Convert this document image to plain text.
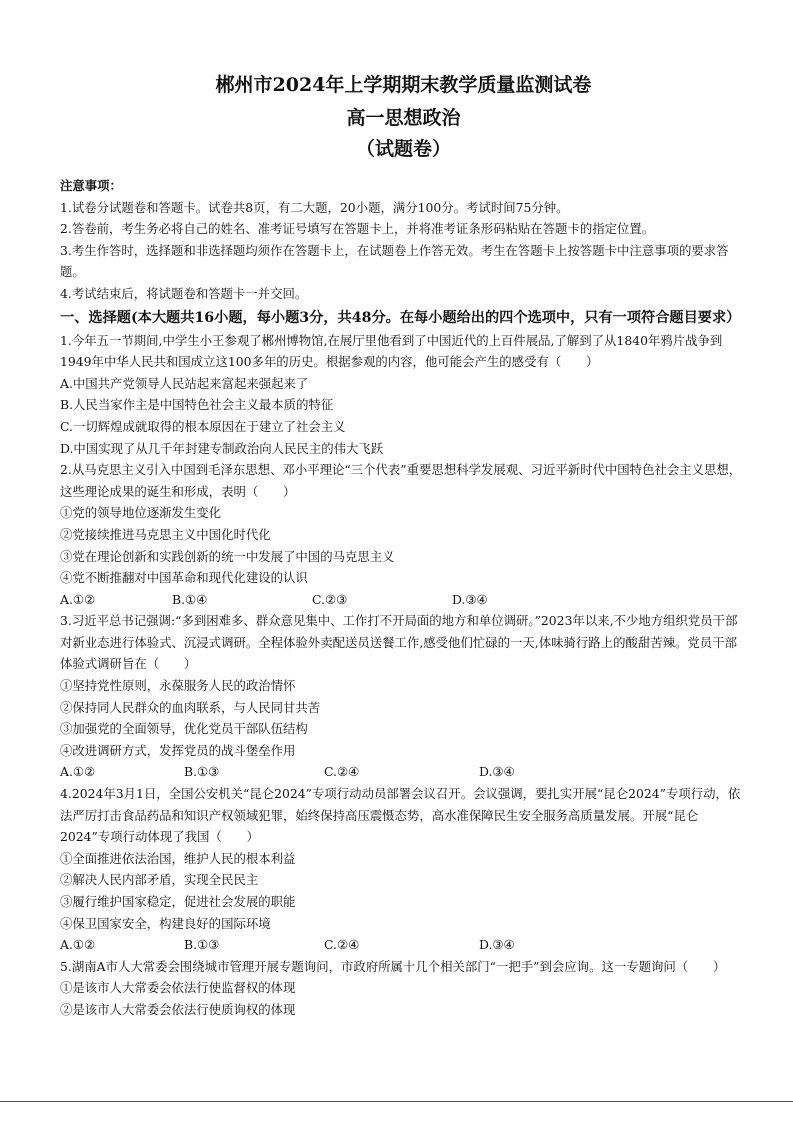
郴州市2024年上学期期末教学质量监测试卷
高一思想政治
（试题卷）
注意事项：
1.试卷分试题卷和答题卡。试卷共8页，有二大题，20小题，满分100分。考试时间75分钟。
2.答卷前，考生务必将自己的姓名、准考证号填写在答题卡上，并将准考证条形码粘贴在答题卡的指定位置。
3.考生作答时，选择题和非选择题均须作在答题卡上，在试题卷上作答无效。考生在答题卡上按答题卡中注意事项的要求答题。
4.考试结束后，将试题卷和答题卡一并交回。
一、选择题(本大题共16小题，每小题3分，共48分。在每小题给出的四个选项中，只有一项符合题目要求）
1.今年五一节期间,中学生小王参观了郴州博物馆,在展厅里他看到了中国近代的上百件展品,了解到了从1840年鸦片战争到1949年中华人民共和国成立这100多年的历史。根据参观的内容，他可能会产生的感受有（　　）
A.中国共产党领导人民站起来富起来强起来了
B.人民当家作主是中国特色社会主义最本质的特征
C.一切辉煌成就取得的根本原因在于建立了社会主义
D.中国实现了从几千年封建专制政治向人民民主的伟大飞跃
2.从马克思主义引入中国到毛泽东思想、邓小平理论“三个代表”重要思想科学发展观、习近平新时代中国特色社会主义思想，这些理论成果的诞生和形成，表明（　　）
①党的领导地位逐渐发生变化
②党接续推进马克思主义中国化时代化
③党在理论创新和实践创新的统一中发展了中国的马克思主义
④党不断推翻对中国革命和现代化建设的认识
A.①②	B.①④	C.②③	D.③④
3.习近平总书记强调:“多到困难多、群众意见集中、工作打不开局面的地方和单位调研。”2023年以来,不少地方组织党员干部对新业态进行体验式、沉浸式调研。全程体验外卖配送员送餐工作,感受他们忙碌的一天,体味骑行路上的酸甜苦辣。党员干部体验式调研旨在（　　）
①坚持党性原则，永葆服务人民的政治情怀
②保持同人民群众的血肉联系，与人民同甘共苦
③加强党的全面领导，优化党员干部队伍结构
④改进调研方式，发挥党员的战斗堡垒作用
A.①②	B.①③	C.②④	D.③④
4.2024年3月1日，全国公安机关“昆仑2024”专项行动动员部署会议召开。会议强调，要扎实开展“昆仑2024”专项行动，依法严厉打击食品药品和知识产权领域犯罪，始终保持高压震慑态势，高水准保障民生安全服务高质量发展。开展“昆仑2024”专项行动体现了我国（　　）
①全面推进依法治国，维护人民的根本利益
②解决人民内部矛盾，实现全民民主
③履行维护国家稳定，促进社会发展的职能
④保卫国家安全，构建良好的国际环境
A.①②	B.①③	C.②④	D.③④
5.湖南A市人大常委会围绕城市管理开展专题询问，市政府所属十几个相关部门“一把手”到会应询。这一专题询问（　　）
①是该市人大常委会依法行使监督权的体现
②是该市人大常委会依法行使质询权的体现
